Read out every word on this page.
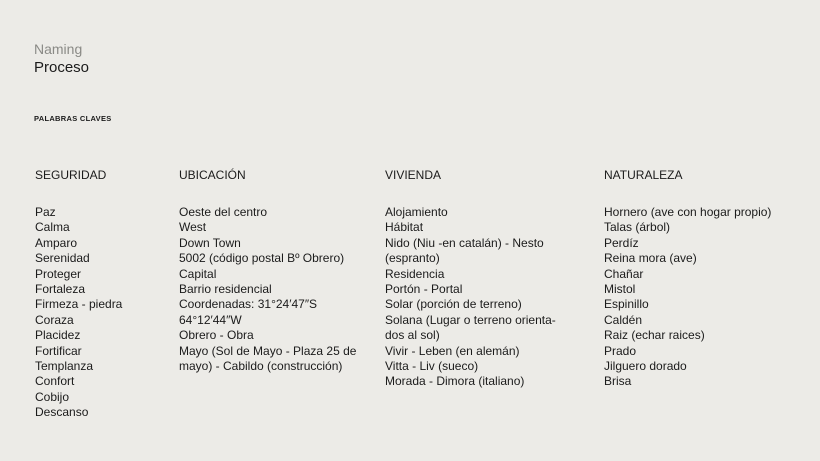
Naming
Proceso
PALABRAS CLAVES
SEGURIDAD
Paz
Calma
Amparo
Serenidad
Proteger
Fortaleza
Firmeza - piedra
Coraza
Placidez
Fortificar
Templanza
Confort
Cobijo
Descanso
UBICACIÓN
Oeste del centro
West
Down Town
5002 (código postal Bº Obrero)
Capital
Barrio residencial
Coordenadas: 31°24′47″S
64°12′44″W
Obrero - Obra
Mayo (Sol de Mayo - Plaza 25 de
mayo) - Cabildo (construcción)
VIVIENDA
Alojamiento
Hábitat
Nido (Niu -en catalán) - Nesto
(espranto)
Residencia
Portón - Portal
Solar (porción de terreno)
Solana (Lugar o terreno orienta-
dos al sol)
Vivir - Leben (en alemán)
Vitta - Liv (sueco)
Morada - Dimora (italiano)
NATURALEZA
Hornero (ave con hogar propio)
Talas (árbol)
Perdíz
Reina mora (ave)
Chañar
Mistol
Espinillo
Caldén
Raiz (echar raices)
Prado
Jilguero dorado
Brisa
